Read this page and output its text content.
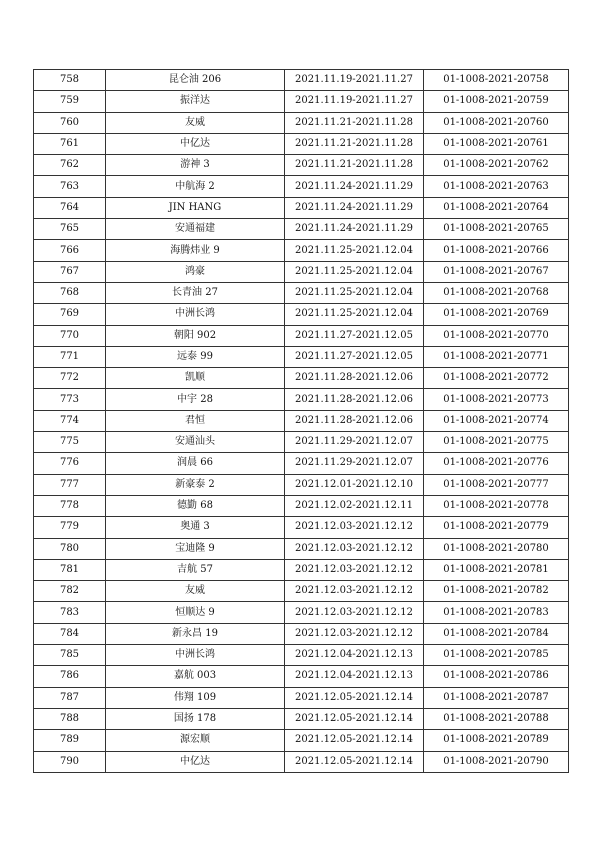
758	昆仑油 206	2021.11.19-2021.11.27	01-1008-2021-20758
759	振洋达	2021.11.19-2021.11.27	01-1008-2021-20759
760	友威	2021.11.21-2021.11.28	01-1008-2021-20760
761	中亿达	2021.11.21-2021.11.28	01-1008-2021-20761
762	游神 3	2021.11.21-2021.11.28	01-1008-2021-20762
763	中航海 2	2021.11.24-2021.11.29	01-1008-2021-20763
764	JIN HANG	2021.11.24-2021.11.29	01-1008-2021-20764
765	安通福建	2021.11.24-2021.11.29	01-1008-2021-20765
766	海腾炜业 9	2021.11.25-2021.12.04	01-1008-2021-20766
767	鸿豪	2021.11.25-2021.12.04	01-1008-2021-20767
768	长青油 27	2021.11.25-2021.12.04	01-1008-2021-20768
769	中洲长鸿	2021.11.25-2021.12.04	01-1008-2021-20769
770	朝阳 902	2021.11.27-2021.12.05	01-1008-2021-20770
771	远泰 99	2021.11.27-2021.12.05	01-1008-2021-20771
772	凯顺	2021.11.28-2021.12.06	01-1008-2021-20772
773	中宇 28	2021.11.28-2021.12.06	01-1008-2021-20773
774	君恒	2021.11.28-2021.12.06	01-1008-2021-20774
775	安通汕头	2021.11.29-2021.12.07	01-1008-2021-20775
776	润晨 66	2021.11.29-2021.12.07	01-1008-2021-20776
777	新豪泰 2	2021.12.01-2021.12.10	01-1008-2021-20777
778	德勤 68	2021.12.02-2021.12.11	01-1008-2021-20778
779	奥通 3	2021.12.03-2021.12.12	01-1008-2021-20779
780	宝迪隆 9	2021.12.03-2021.12.12	01-1008-2021-20780
781	吉航 57	2021.12.03-2021.12.12	01-1008-2021-20781
782	友威	2021.12.03-2021.12.12	01-1008-2021-20782
783	恒顺达 9	2021.12.03-2021.12.12	01-1008-2021-20783
784	新永昌 19	2021.12.03-2021.12.12	01-1008-2021-20784
785	中洲长鸿	2021.12.04-2021.12.13	01-1008-2021-20785
786	嘉航 003	2021.12.04-2021.12.13	01-1008-2021-20786
787	伟翔 109	2021.12.05-2021.12.14	01-1008-2021-20787
788	国扬 178	2021.12.05-2021.12.14	01-1008-2021-20788
789	源宏顺	2021.12.05-2021.12.14	01-1008-2021-20789
790	中亿达	2021.12.05-2021.12.14	01-1008-2021-20790
